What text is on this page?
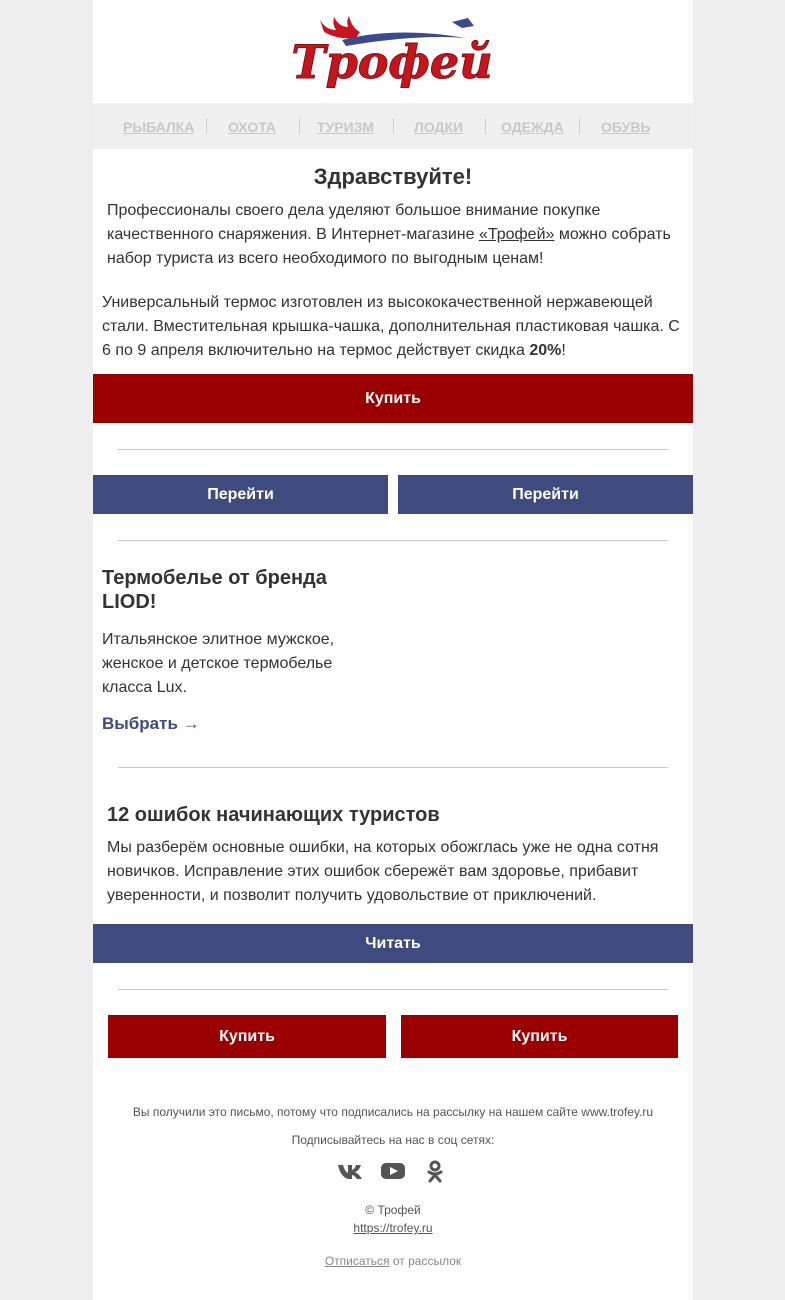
Трофей
РЫБАЛКА ОХОТА	ТУРИЗМ	ЛОДКИ	ОДЕЖДА	ОБУВЬ
Здравствуйте!

Профессионалы своего дела уделяют большое внимание покупке качественного снаряжения. В Интернет-магазине «Трофей» можно собрать набор туриста из всего необходимого по выгодным ценам!

Универсальный термос изготовлен из высококачественной нержавеющей стали. Вместительная крышка-чашка, дополнительная пластиковая чашка. С 6 по 9 апреля включительно на термос действует скидка 20%!

Купить
Перейти	Перейти
Термобелье от бренда LIOD!

Итальянское элитное мужское, женское и детское термобелье класса Lux.

Выбрать →
12 ошибок начинающих туристов

Мы разберём основные ошибки, на которых обожглась уже не одна сотня новичков. Исправление этих ошибок сбережёт вам здоровье, прибавит уверенности, и позволит получить удовольствие от приключений.

Читать
Купить	Купить
Вы получили это письмо, потому что подписались на рассылку на нашем сайте www.trofey.ru
Подписывайтесь на нас в соц сетях:
© Трофей
https://trofey.ru
Отписаться от рассылок
